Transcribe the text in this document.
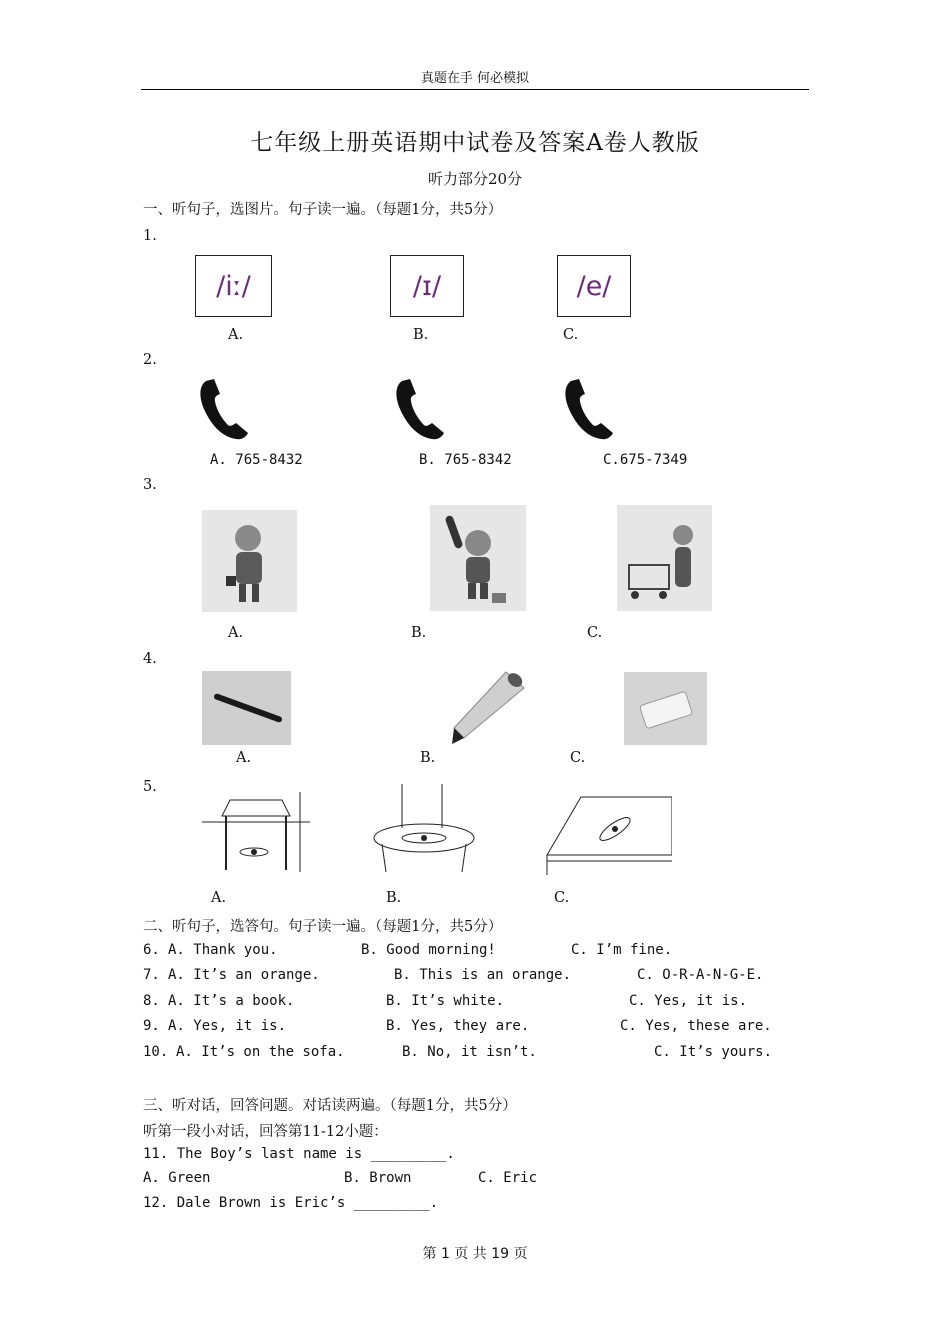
真题在手 何必模拟
七年级上册英语期中试卷及答案A卷人教版
听力部分20分
一、听句子，选图片。句子读一遍。（每题1分，共5分）
1.
/iː/	/ɪ/	/e/
A.	B.	C.
2.
A. 765-8432	B. 765-8342	C.675-7349
3.
A.	B.	C.
4.
A.	B.	C.
5.
A.	B.	C.
二、听句子，选答句。句子读一遍。（每题1分，共5分）
6. A. Thank you.	B. Good morning!	C. I’m fine.
7. A. It’s an orange.	B. This is an orange.	C. O-R-A-N-G-E.
8. A. It’s a book.	B. It’s white.	C. Yes, it is.
9. A. Yes, it is.	B. Yes, they are.	C. Yes, these are.
10. A. It’s on the sofa.	B. No, it isn’t.	C. It’s yours.
三、听对话，回答问题。对话读两遍。（每题1分，共5分）
听第一段小对话，回答第11-12小题：
11. The Boy’s last name is _________.
A. Green	B. Brown	C. Eric
12. Dale Brown is Eric’s _________.
第 1 页 共 19 页
